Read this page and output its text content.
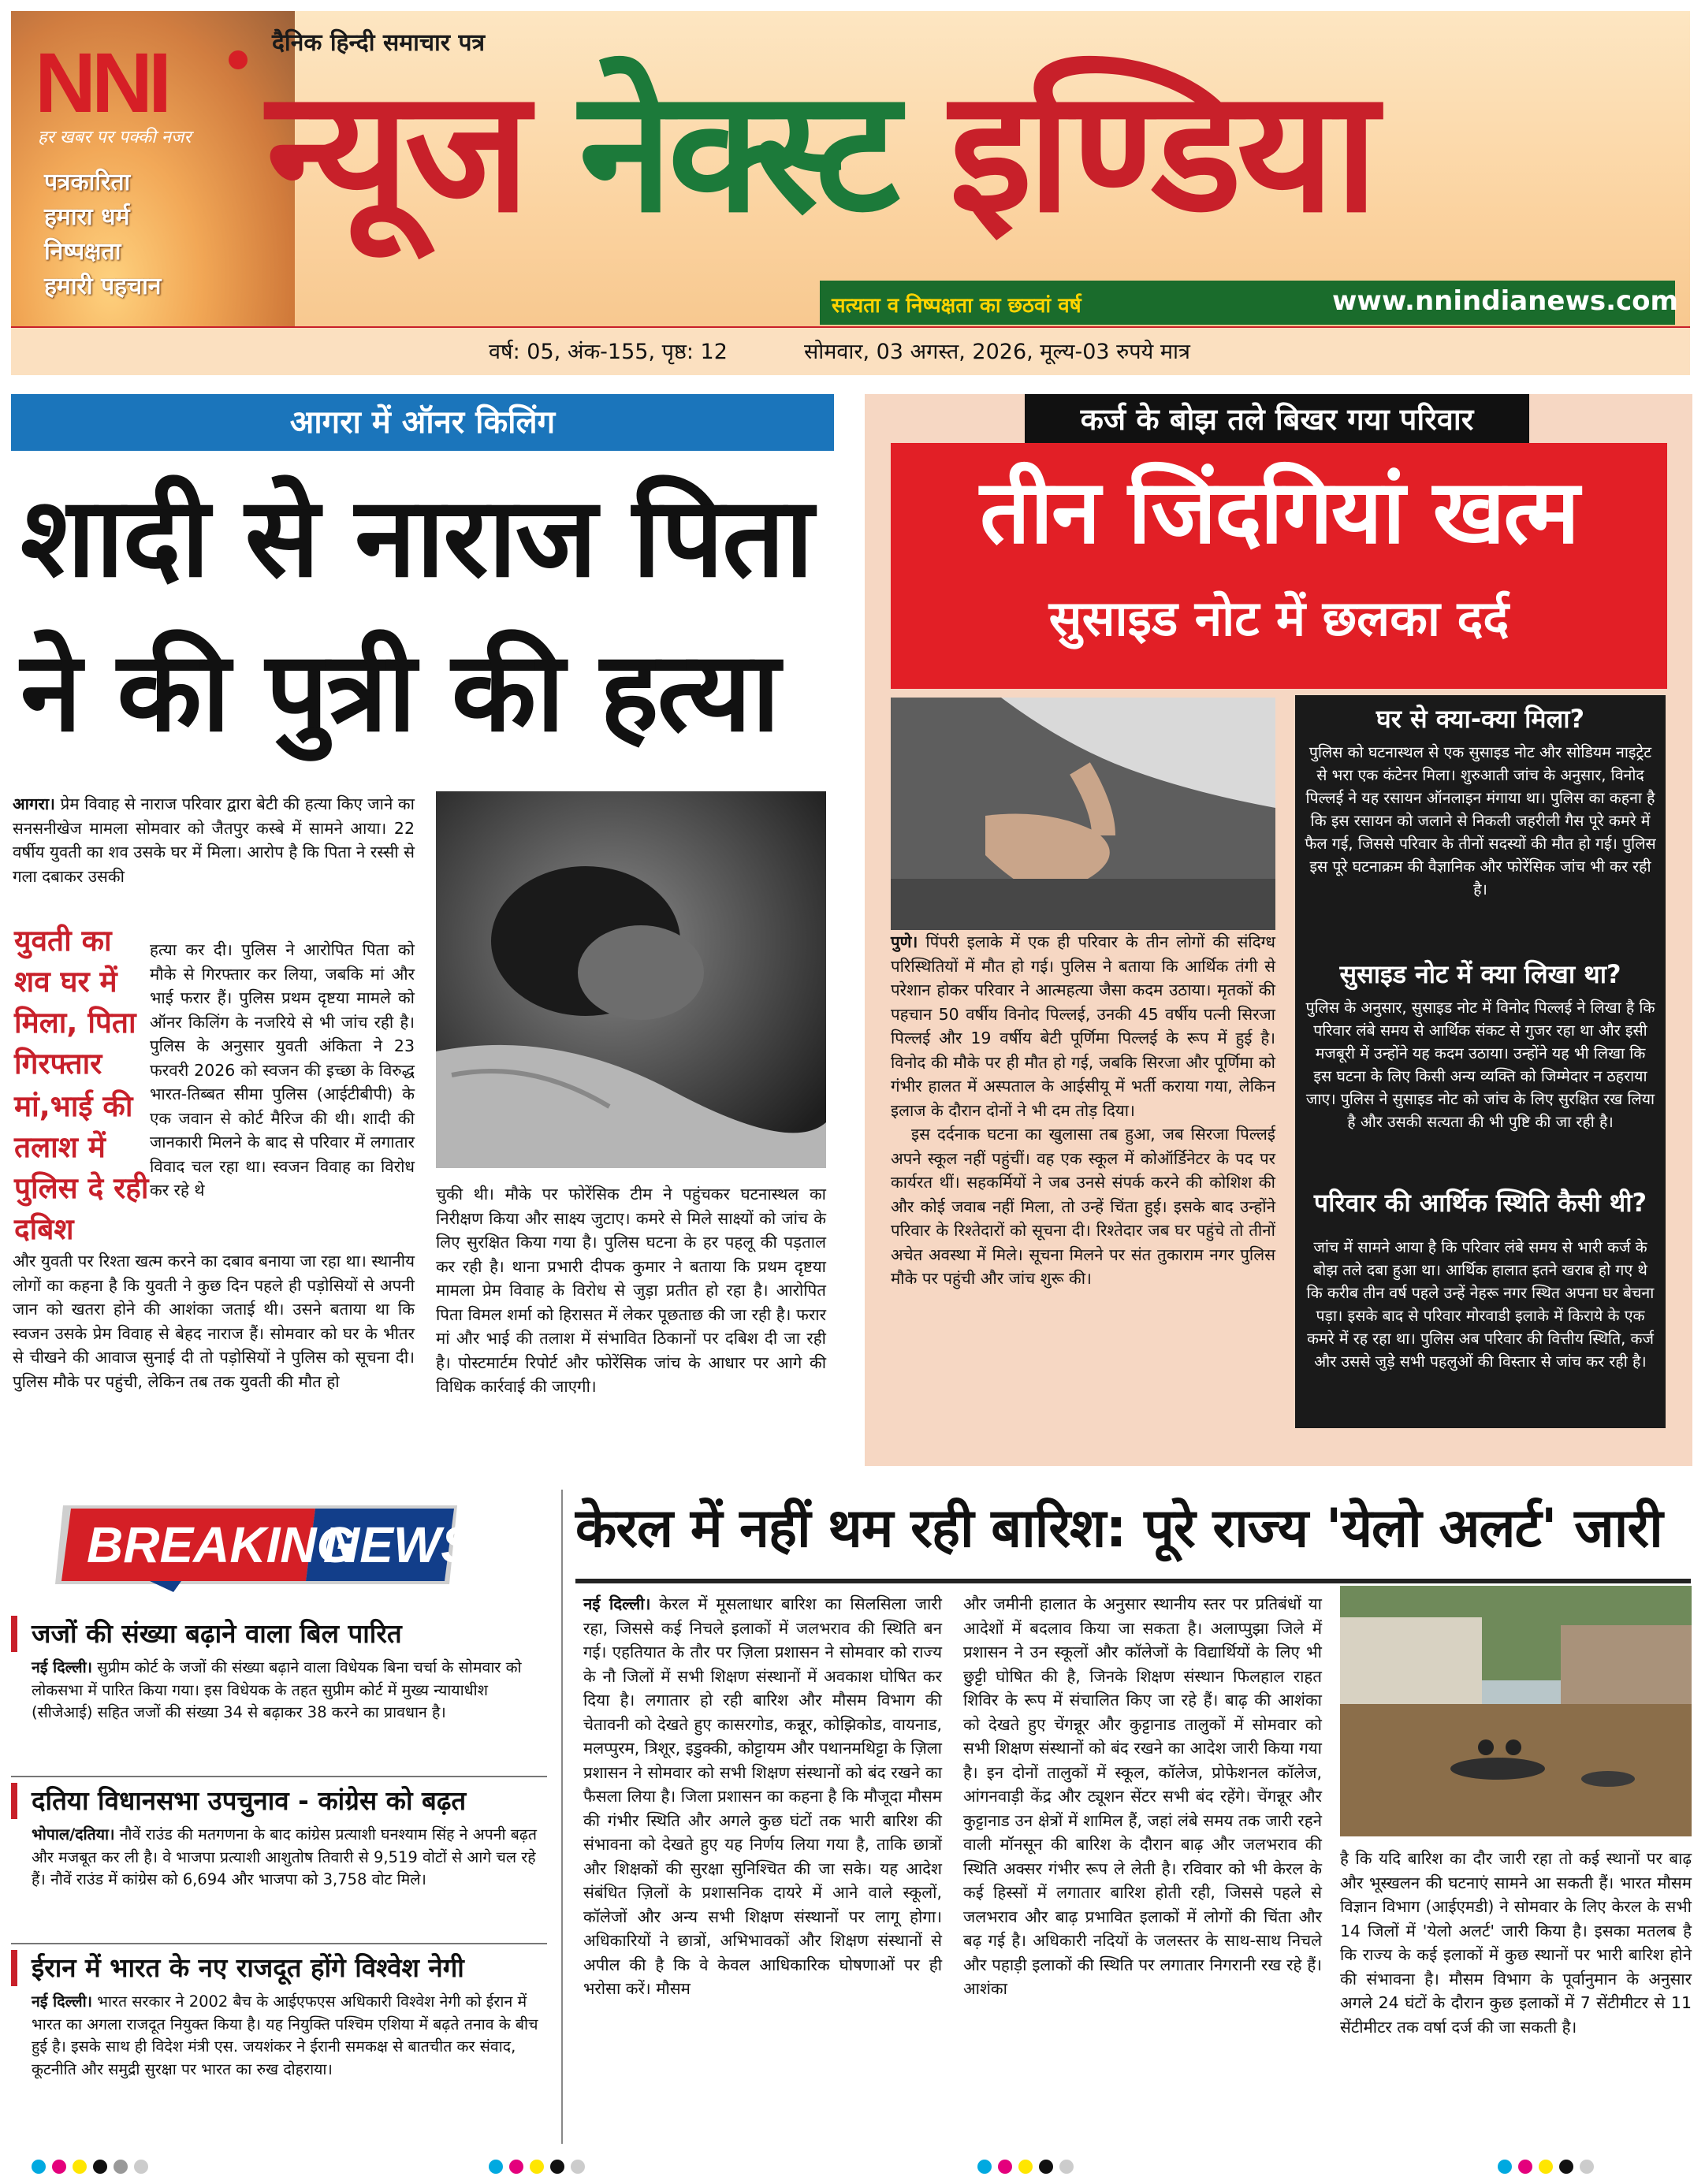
NNI
हर खबर पर पक्की नजर
पत्रकारिता
हमारा धर्म
निष्पक्षता
हमारी पहचान
दैनिक हिन्दी समाचार पत्र
न्यूज नेक्स्ट इण्डिया
सत्यता व निष्पक्षता का छठवां वर्ष	www.nnindianews.com
वर्ष: 05, अंक-155, पृष्ठ: 12	सोमवार, 03 अगस्त, 2026, मूल्य-03 रुपये मात्र
आगरा में ऑनर किलिंग
शादी से नाराज पिता
ने की पुत्री की हत्या
आगरा। प्रेम विवाह से नाराज परिवार द्वारा बेटी की हत्या किए जाने का सनसनीखेज मामला सोमवार को जैतपुर कस्बे में सामने आया। 22 वर्षीय युवती का शव उसके घर में मिला। आरोप है कि पिता ने रस्सी से गला दबाकर उसकी
युवती का शव घर में मिला, पिता गिरफ्तार
मां,भाई की तलाश में पुलिस दे रही दबिश
हत्या कर दी। पुलिस ने आरोपित पिता को मौके से गिरफ्तार कर लिया, जबकि मां और भाई फरार हैं। पुलिस प्रथम दृष्टया मामले को ऑनर किलिंग के नजरिये से भी जांच रही है। पुलिस के अनुसार युवती अंकिता ने 23 फरवरी 2026 को स्वजन की इच्छा के विरुद्ध भारत-तिब्बत सीमा पुलिस (आईटीबीपी) के एक जवान से कोर्ट मैरिज की थी। शादी की जानकारी मिलने के बाद से परिवार में लगातार विवाद चल रहा था। स्वजन विवाह का विरोध कर रहे थे
और युवती पर रिश्ता खत्म करने का दबाव बनाया जा रहा था। स्थानीय लोगों का कहना है कि युवती ने कुछ दिन पहले ही पड़ोसियों से अपनी जान को खतरा होने की आशंका जताई थी। उसने बताया था कि स्वजन उसके प्रेम विवाह से बेहद नाराज हैं। सोमवार को घर के भीतर से चीखने की आवाज सुनाई दी तो पड़ोसियों ने पुलिस को सूचना दी। पुलिस मौके पर पहुंची, लेकिन तब तक युवती की मौत हो
चुकी थी। मौके पर फोरेंसिक टीम ने पहुंचकर घटनास्थल का निरीक्षण किया और साक्ष्य जुटाए। कमरे से मिले साक्ष्यों को जांच के लिए सुरक्षित किया गया है। पुलिस घटना के हर पहलू की पड़ताल कर रही है। थाना प्रभारी दीपक कुमार ने बताया कि प्रथम दृष्टया मामला प्रेम विवाह के विरोध से जुड़ा प्रतीत हो रहा है। आरोपित पिता विमल शर्मा को हिरासत में लेकर पूछताछ की जा रही है। फरार मां और भाई की तलाश में संभावित ठिकानों पर दबिश दी जा रही है। पोस्टमार्टम रिपोर्ट और फोरेंसिक जांच के आधार पर आगे की विधिक कार्रवाई की जाएगी।
कर्ज के बोझ तले बिखर गया परिवार
तीन जिंदगियां खत्म
सुसाइड नोट में छलका दर्द
पुणे। पिंपरी इलाके में एक ही परिवार के तीन लोगों की संदिग्ध परिस्थितियों में मौत हो गई। पुलिस ने बताया कि आर्थिक तंगी से परेशान होकर परिवार ने आत्महत्या जैसा कदम उठाया। मृतकों की पहचान 50 वर्षीय विनोद पिल्लई, उनकी 45 वर्षीय पत्नी सिरजा पिल्लई और 19 वर्षीय बेटी पूर्णिमा पिल्लई के रूप में हुई है। विनोद की मौके पर ही मौत हो गई, जबकि सिरजा और पूर्णिमा को गंभीर हालत में अस्पताल के आईसीयू में भर्ती कराया गया, लेकिन इलाज के दौरान दोनों ने भी दम तोड़ दिया।
इस दर्दनाक घटना का खुलासा तब हुआ, जब सिरजा पिल्लई अपने स्कूल नहीं पहुंचीं। वह एक स्कूल में कोऑर्डिनेटर के पद पर कार्यरत थीं। सहकर्मियों ने जब उनसे संपर्क करने की कोशिश की और कोई जवाब नहीं मिला, तो उन्हें चिंता हुई। इसके बाद उन्होंने परिवार के रिश्तेदारों को सूचना दी। रिश्तेदार जब घर पहुंचे तो तीनों अचेत अवस्था में मिले। सूचना मिलने पर संत तुकाराम नगर पुलिस मौके पर पहुंची और जांच शुरू की।
घर से क्या-क्या मिला?
पुलिस को घटनास्थल से एक सुसाइड नोट और सोडियम नाइट्रेट से भरा एक कंटेनर मिला। शुरुआती जांच के अनुसार, विनोद पिल्लई ने यह रसायन ऑनलाइन मंगाया था। पुलिस का कहना है कि इस रसायन को जलाने से निकली जहरीली गैस पूरे कमरे में फैल गई, जिससे परिवार के तीनों सदस्यों की मौत हो गई। पुलिस इस पूरे घटनाक्रम की वैज्ञानिक और फोरेंसिक जांच भी कर रही है।
सुसाइड नोट में क्या लिखा था?
पुलिस के अनुसार, सुसाइड नोट में विनोद पिल्लई ने लिखा है कि परिवार लंबे समय से आर्थिक संकट से गुजर रहा था और इसी मजबूरी में उन्होंने यह कदम उठाया। उन्होंने यह भी लिखा कि इस घटना के लिए किसी अन्य व्यक्ति को जिम्मेदार न ठहराया जाए। पुलिस ने सुसाइड नोट को जांच के लिए सुरक्षित रख लिया है और उसकी सत्यता की भी पुष्टि की जा रही है।
परिवार की आर्थिक स्थिति कैसी थी?
जांच में सामने आया है कि परिवार लंबे समय से भारी कर्ज के बोझ तले दबा हुआ था। आर्थिक हालात इतने खराब हो गए थे कि करीब तीन वर्ष पहले उन्हें नेहरू नगर स्थित अपना घर बेचना पड़ा। इसके बाद से परिवार मोरवाडी इलाके में किराये के एक कमरे में रह रहा था। पुलिस अब परिवार की वित्तीय स्थिति, कर्ज और उससे जुड़े सभी पहलुओं की विस्तार से जांच कर रही है।
BREAKING
NEWS
जजों की संख्या बढ़ाने वाला बिल पारित
नई दिल्ली। सुप्रीम कोर्ट के जजों की संख्या बढ़ाने वाला विधेयक बिना चर्चा के सोमवार को लोकसभा में पारित किया गया। इस विधेयक के तहत सुप्रीम कोर्ट में मुख्य न्यायाधीश (सीजेआई) सहित जजों की संख्या 34 से बढ़ाकर 38 करने का प्रावधान है।
दतिया विधानसभा उपचुनाव - कांग्रेस को बढ़त
भोपाल/दतिया। नौवें राउंड की मतगणना के बाद कांग्रेस प्रत्याशी घनश्याम सिंह ने अपनी बढ़त और मजबूत कर ली है। वे भाजपा प्रत्याशी आशुतोष तिवारी से 9,519 वोटों से आगे चल रहे हैं। नौवें राउंड में कांग्रेस को 6,694 और भाजपा को 3,758 वोट मिले।
ईरान में भारत के नए राजदूत होंगे विश्वेश नेगी
नई दिल्ली। भारत सरकार ने 2002 बैच के आईएफएस अधिकारी विश्वेश नेगी को ईरान में भारत का अगला राजदूत नियुक्त किया है। यह नियुक्ति पश्चिम एशिया में बढ़ते तनाव के बीच हुई है। इसके साथ ही विदेश मंत्री एस. जयशंकर ने ईरानी समकक्ष से बातचीत कर संवाद, कूटनीति और समुद्री सुरक्षा पर भारत का रुख दोहराया।
केरल में नहीं थम रही बारिश: पूरे राज्य 'येलो अलर्ट' जारी
नई दिल्ली। केरल में मूसलाधार बारिश का सिलसिला जारी रहा, जिससे कई निचले इलाकों में जलभराव की स्थिति बन गई। एहतियात के तौर पर ज़िला प्रशासन ने सोमवार को राज्य के नौ जिलों में सभी शिक्षण संस्थानों में अवकाश घोषित कर दिया है। लगातार हो रही बारिश और मौसम विभाग की चेतावनी को देखते हुए कासरगोड, कन्नूर, कोझिकोड, वायनाड, मलप्पुरम, त्रिशूर, इडुक्की, कोट्टायम और पथानमथिट्टा के ज़िला प्रशासन ने सोमवार को सभी शिक्षण संस्थानों को बंद रखने का फैसला लिया है। जिला प्रशासन का कहना है कि मौजूदा मौसम की गंभीर स्थिति और अगले कुछ घंटों तक भारी बारिश की संभावना को देखते हुए यह निर्णय लिया गया है, ताकि छात्रों और शिक्षकों की सुरक्षा सुनिश्चित की जा सके। यह आदेश संबंधित ज़िलों के प्रशासनिक दायरे में आने वाले स्कूलों, कॉलेजों और अन्य सभी शिक्षण संस्थानों पर लागू होगा। अधिकारियों ने छात्रों, अभिभावकों और शिक्षण संस्थानों से अपील की है कि वे केवल आधिकारिक घोषणाओं पर ही भरोसा करें। मौसम
और जमीनी हालात के अनुसार स्थानीय स्तर पर प्रतिबंधों या आदेशों में बदलाव किया जा सकता है। अलाप्पुझा जिले में प्रशासन ने उन स्कूलों और कॉलेजों के विद्यार्थियों के लिए भी छुट्टी घोषित की है, जिनके शिक्षण संस्थान फिलहाल राहत शिविर के रूप में संचालित किए जा रहे हैं। बाढ़ की आशंका को देखते हुए चेंगन्नूर और कुट्टानाड तालुकों में सोमवार को सभी शिक्षण संस्थानों को बंद रखने का आदेश जारी किया गया है। इन दोनों तालुकों में स्कूल, कॉलेज, प्रोफेशनल कॉलेज, आंगनवाड़ी केंद्र और ट्यूशन सेंटर सभी बंद रहेंगे। चेंगन्नूर और कुट्टानाड उन क्षेत्रों में शामिल हैं, जहां लंबे समय तक जारी रहने वाली मॉनसून की बारिश के दौरान बाढ़ और जलभराव की स्थिति अक्सर गंभीर रूप ले लेती है। रविवार को भी केरल के कई हिस्सों में लगातार बारिश होती रही, जिससे पहले से जलभराव और बाढ़ प्रभावित इलाकों में लोगों की चिंता और बढ़ गई है। अधिकारी नदियों के जलस्तर के साथ-साथ निचले और पहाड़ी इलाकों की स्थिति पर लगातार निगरानी रख रहे हैं। आशंका
है कि यदि बारिश का दौर जारी रहा तो कई स्थानों पर बाढ़ और भूस्खलन की घटनाएं सामने आ सकती हैं। भारत मौसम विज्ञान विभाग (आईएमडी) ने सोमवार के लिए केरल के सभी 14 जिलों में 'येलो अलर्ट' जारी किया है। इसका मतलब है कि राज्य के कई इलाकों में कुछ स्थानों पर भारी बारिश होने की संभावना है। मौसम विभाग के पूर्वानुमान के अनुसार अगले 24 घंटों के दौरान कुछ इलाकों में 7 सेंटीमीटर से 11 सेंटीमीटर तक वर्षा दर्ज की जा सकती है।
